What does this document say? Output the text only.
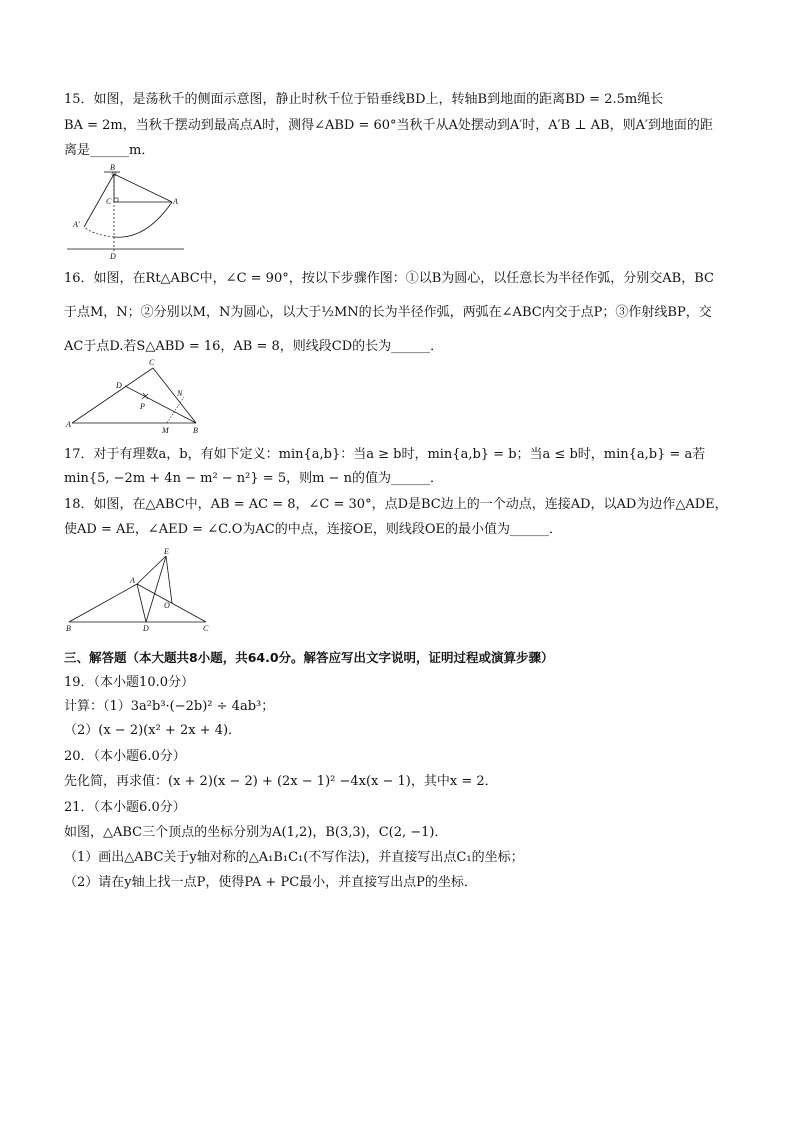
15．如图，是荡秋千的侧面示意图，静止时秋千位于铅垂线BD上，转轴B到地面的距离BD = 2.5m绳长
BA = 2m，当秋千摆动到最高点A时，测得∠ABD = 60°当秋千从A处摆动到A′时，A′B ⊥ AB，则A′到地面的距
离是______m．
B
C	A
A′
D
16．如图，在Rt△ABC中，∠C = 90°，按以下步骤作图：①以B为圆心，以任意长为半径作弧，分别交AB，BC
于点M，N；②分别以M，N为圆心，以大于½MN的长为半径作弧，两弧在∠ABC内交于点P；③作射线BP，交
AC于点D.若S△ABD = 16，AB = 8，则线段CD的长为______．
C
D
N
P
A
M	B
17．对于有理数a，b，有如下定义：min{a,b}：当a ≥ b时，min{a,b} = b；当a ≤ b时，min{a,b} = a若
min{5, −2m + 4n − m² − n²} = 5，则m − n的值为______．
18．如图，在△ABC中，AB = AC = 8，∠C = 30°，点D是BC边上的一个动点，连接AD，以AD为边作△ADE，
使AD = AE，∠AED = ∠C.O为AC的中点，连接OE，则线段OE的最小值为______．
E
A
O
B	D	C
三、解答题（本大题共8小题，共64.0分。解答应写出文字说明，证明过程或演算步骤）
19．（本小题10.0分）
计算：（1）3a²b³·(−2b)² ÷ 4ab³；
（2）(x − 2)(x² + 2x + 4)．
20．（本小题6.0分）
先化简，再求值：(x + 2)(x − 2) + (2x − 1)² −4x(x − 1)，其中x = 2．
21．（本小题6.0分）
如图，△ABC三个顶点的坐标分别为A(1,2)，B(3,3)，C(2, −1)．
（1）画出△ABC关于y轴对称的△A₁B₁C₁(不写作法)，并直接写出点C₁的坐标；
（2）请在y轴上找一点P，使得PA + PC最小，并直接写出点P的坐标．
